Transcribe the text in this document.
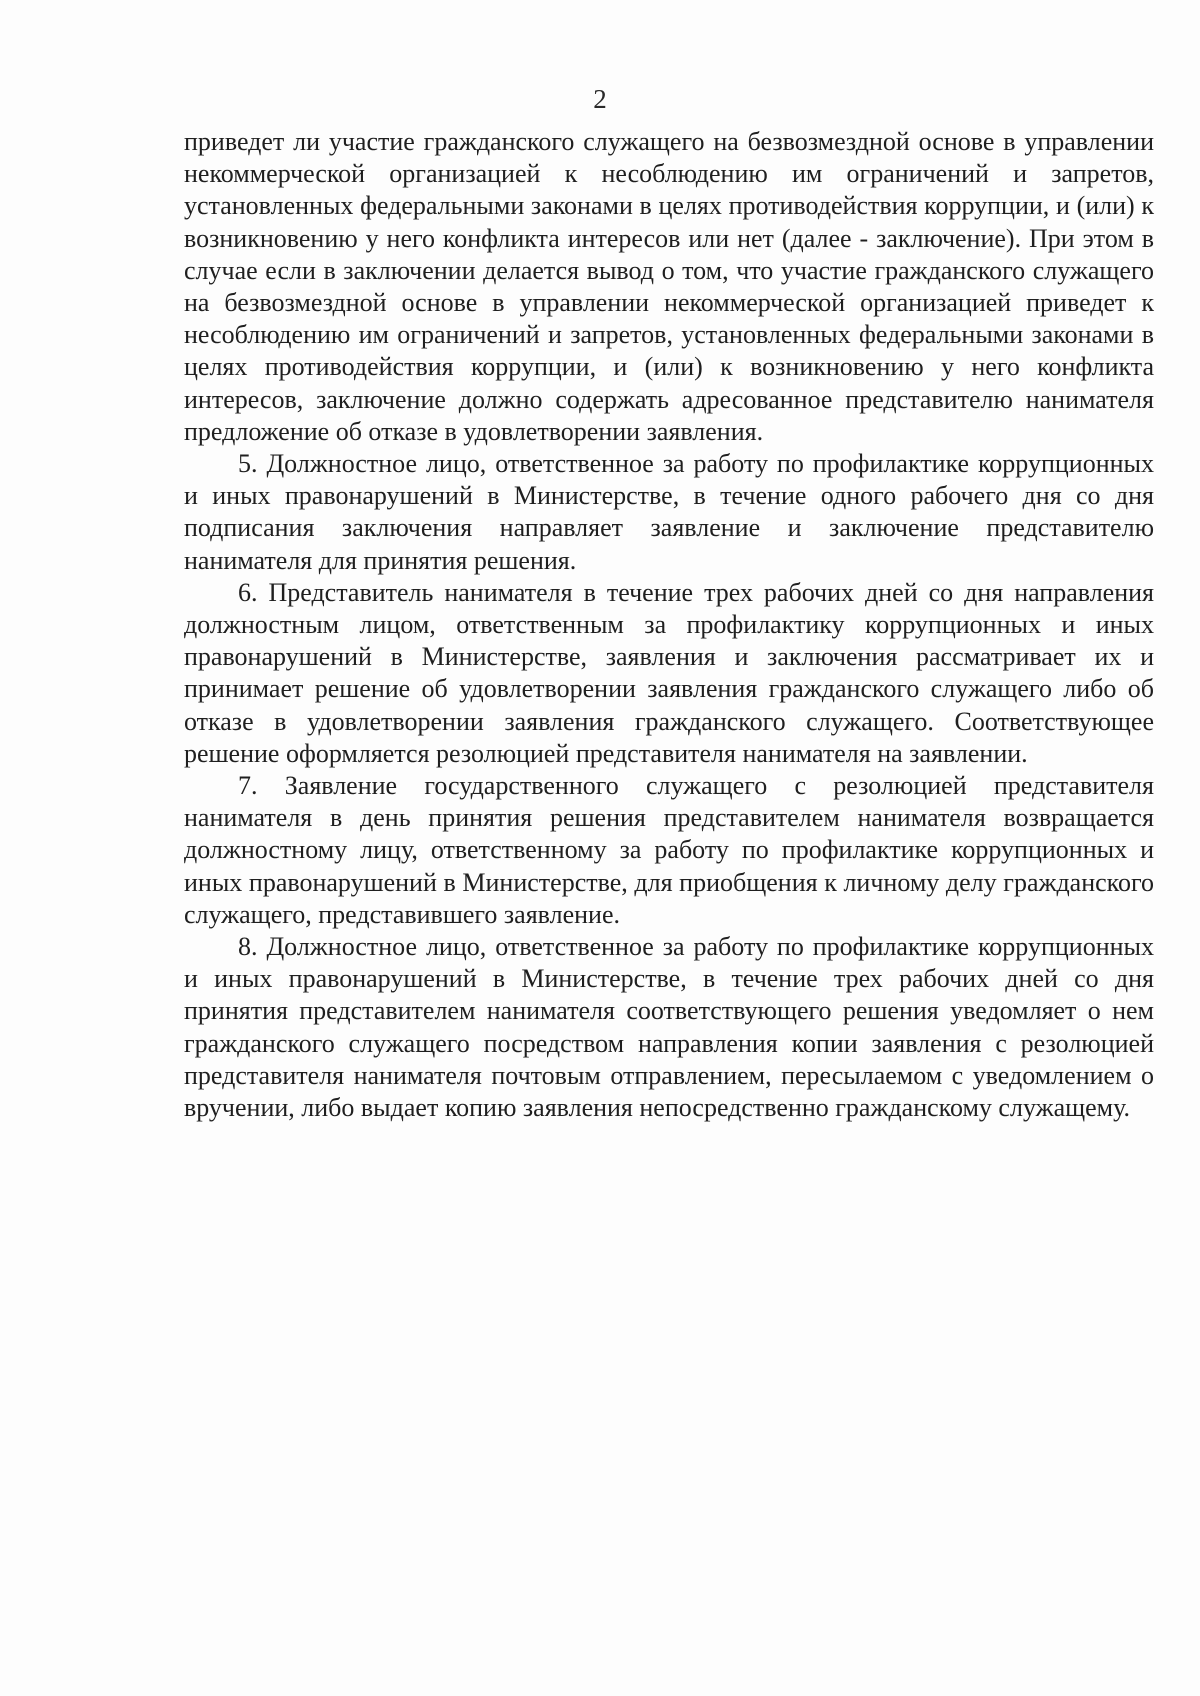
2

приведет ли участие гражданского служащего на безвозмездной основе в управлении некоммерческой организацией к несоблюдению им ограничений и запретов, установленных федеральными законами в целях противодействия коррупции, и (или) к возникновению у него конфликта интересов или нет (далее - заключение). При этом в случае если в заключении делается вывод о том, что участие гражданского служащего на безвозмездной основе в управлении некоммерческой организацией приведет к несоблюдению им ограничений и запретов, установленных федеральными законами в целях противодействия коррупции, и (или) к возникновению у него конфликта интересов, заключение должно содержать адресованное представителю нанимателя предложение об отказе в удовлетворении заявления.

5. Должностное лицо, ответственное за работу по профилактике коррупционных и иных правонарушений в Министерстве, в течение одного рабочего дня со дня подписания заключения направляет заявление и заключение представителю нанимателя для принятия решения.

6. Представитель нанимателя в течение трех рабочих дней со дня направления должностным лицом, ответственным за профилактику коррупционных и иных правонарушений в Министерстве, заявления и заключения рассматривает их и принимает решение об удовлетворении заявления гражданского служащего либо об отказе в удовлетворении заявления гражданского служащего. Соответствующее решение оформляется резолюцией представителя нанимателя на заявлении.

7. Заявление государственного служащего с резолюцией представителя нанимателя в день принятия решения представителем нанимателя возвращается должностному лицу, ответственному за работу по профилактике коррупционных и иных правонарушений в Министерстве, для приобщения к личному делу гражданского служащего, представившего заявление.

8. Должностное лицо, ответственное за работу по профилактике коррупционных и иных правонарушений в Министерстве, в течение трех рабочих дней со дня принятия представителем нанимателя соответствующего решения уведомляет о нем гражданского служащего посредством направления копии заявления с резолюцией представителя нанимателя почтовым отправлением, пересылаемом с уведомлением о вручении, либо выдает копию заявления непосредственно гражданскому служащему.
